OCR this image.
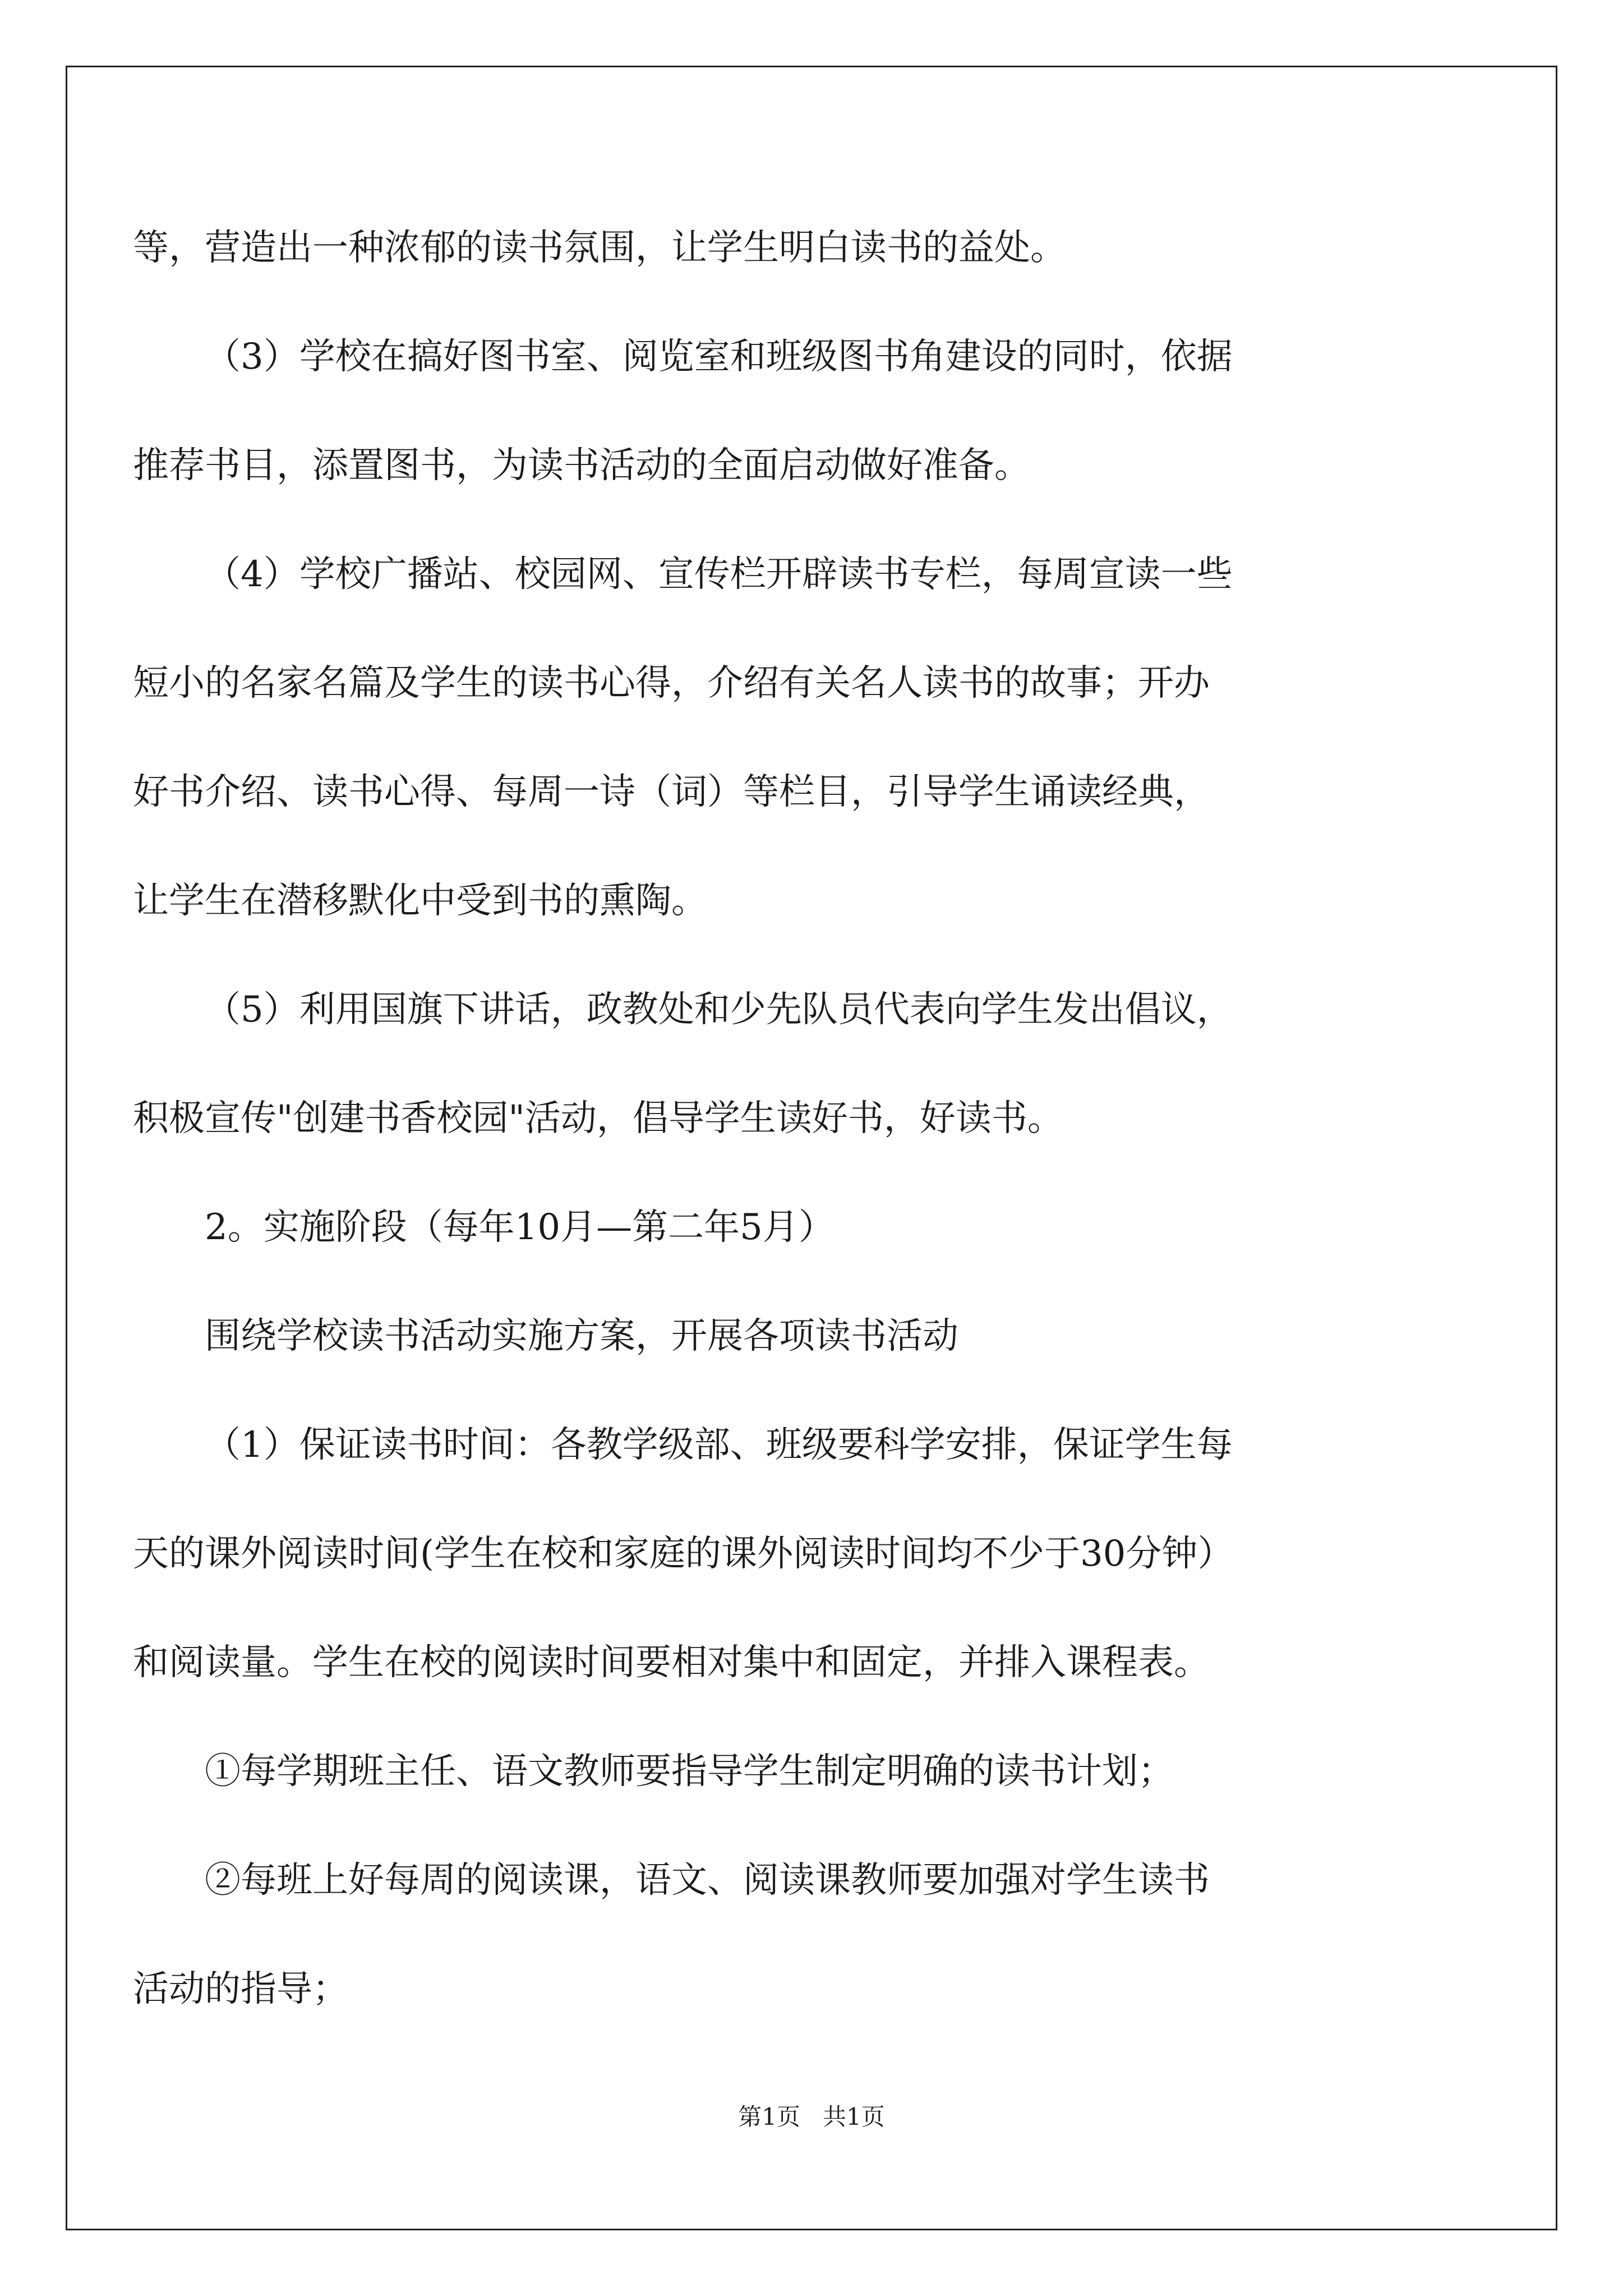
等，营造出一种浓郁的读书氛围，让学生明白读书的益处。
（3）学校在搞好图书室、阅览室和班级图书角建设的同时，依据
推荐书目，添置图书，为读书活动的全面启动做好准备。
（4）学校广播站、校园网、宣传栏开辟读书专栏，每周宣读一些
短小的名家名篇及学生的读书心得，介绍有关名人读书的故事；开办
好书介绍、读书心得、每周一诗（词）等栏目，引导学生诵读经典，
让学生在潜移默化中受到书的熏陶。
（5）利用国旗下讲话，政教处和少先队员代表向学生发出倡议，
积极宣传"创建书香校园"活动，倡导学生读好书，好读书。
2。实施阶段（每年10月—第二年5月）
围绕学校读书活动实施方案，开展各项读书活动
（1）保证读书时间：各教学级部、班级要科学安排，保证学生每
天的课外阅读时间(学生在校和家庭的课外阅读时间均不少于30分钟）
和阅读量。学生在校的阅读时间要相对集中和固定，并排入课程表。
①每学期班主任、语文教师要指导学生制定明确的读书计划；
②每班上好每周的阅读课，语文、阅读课教师要加强对学生读书
活动的指导；
第1页 共1页
